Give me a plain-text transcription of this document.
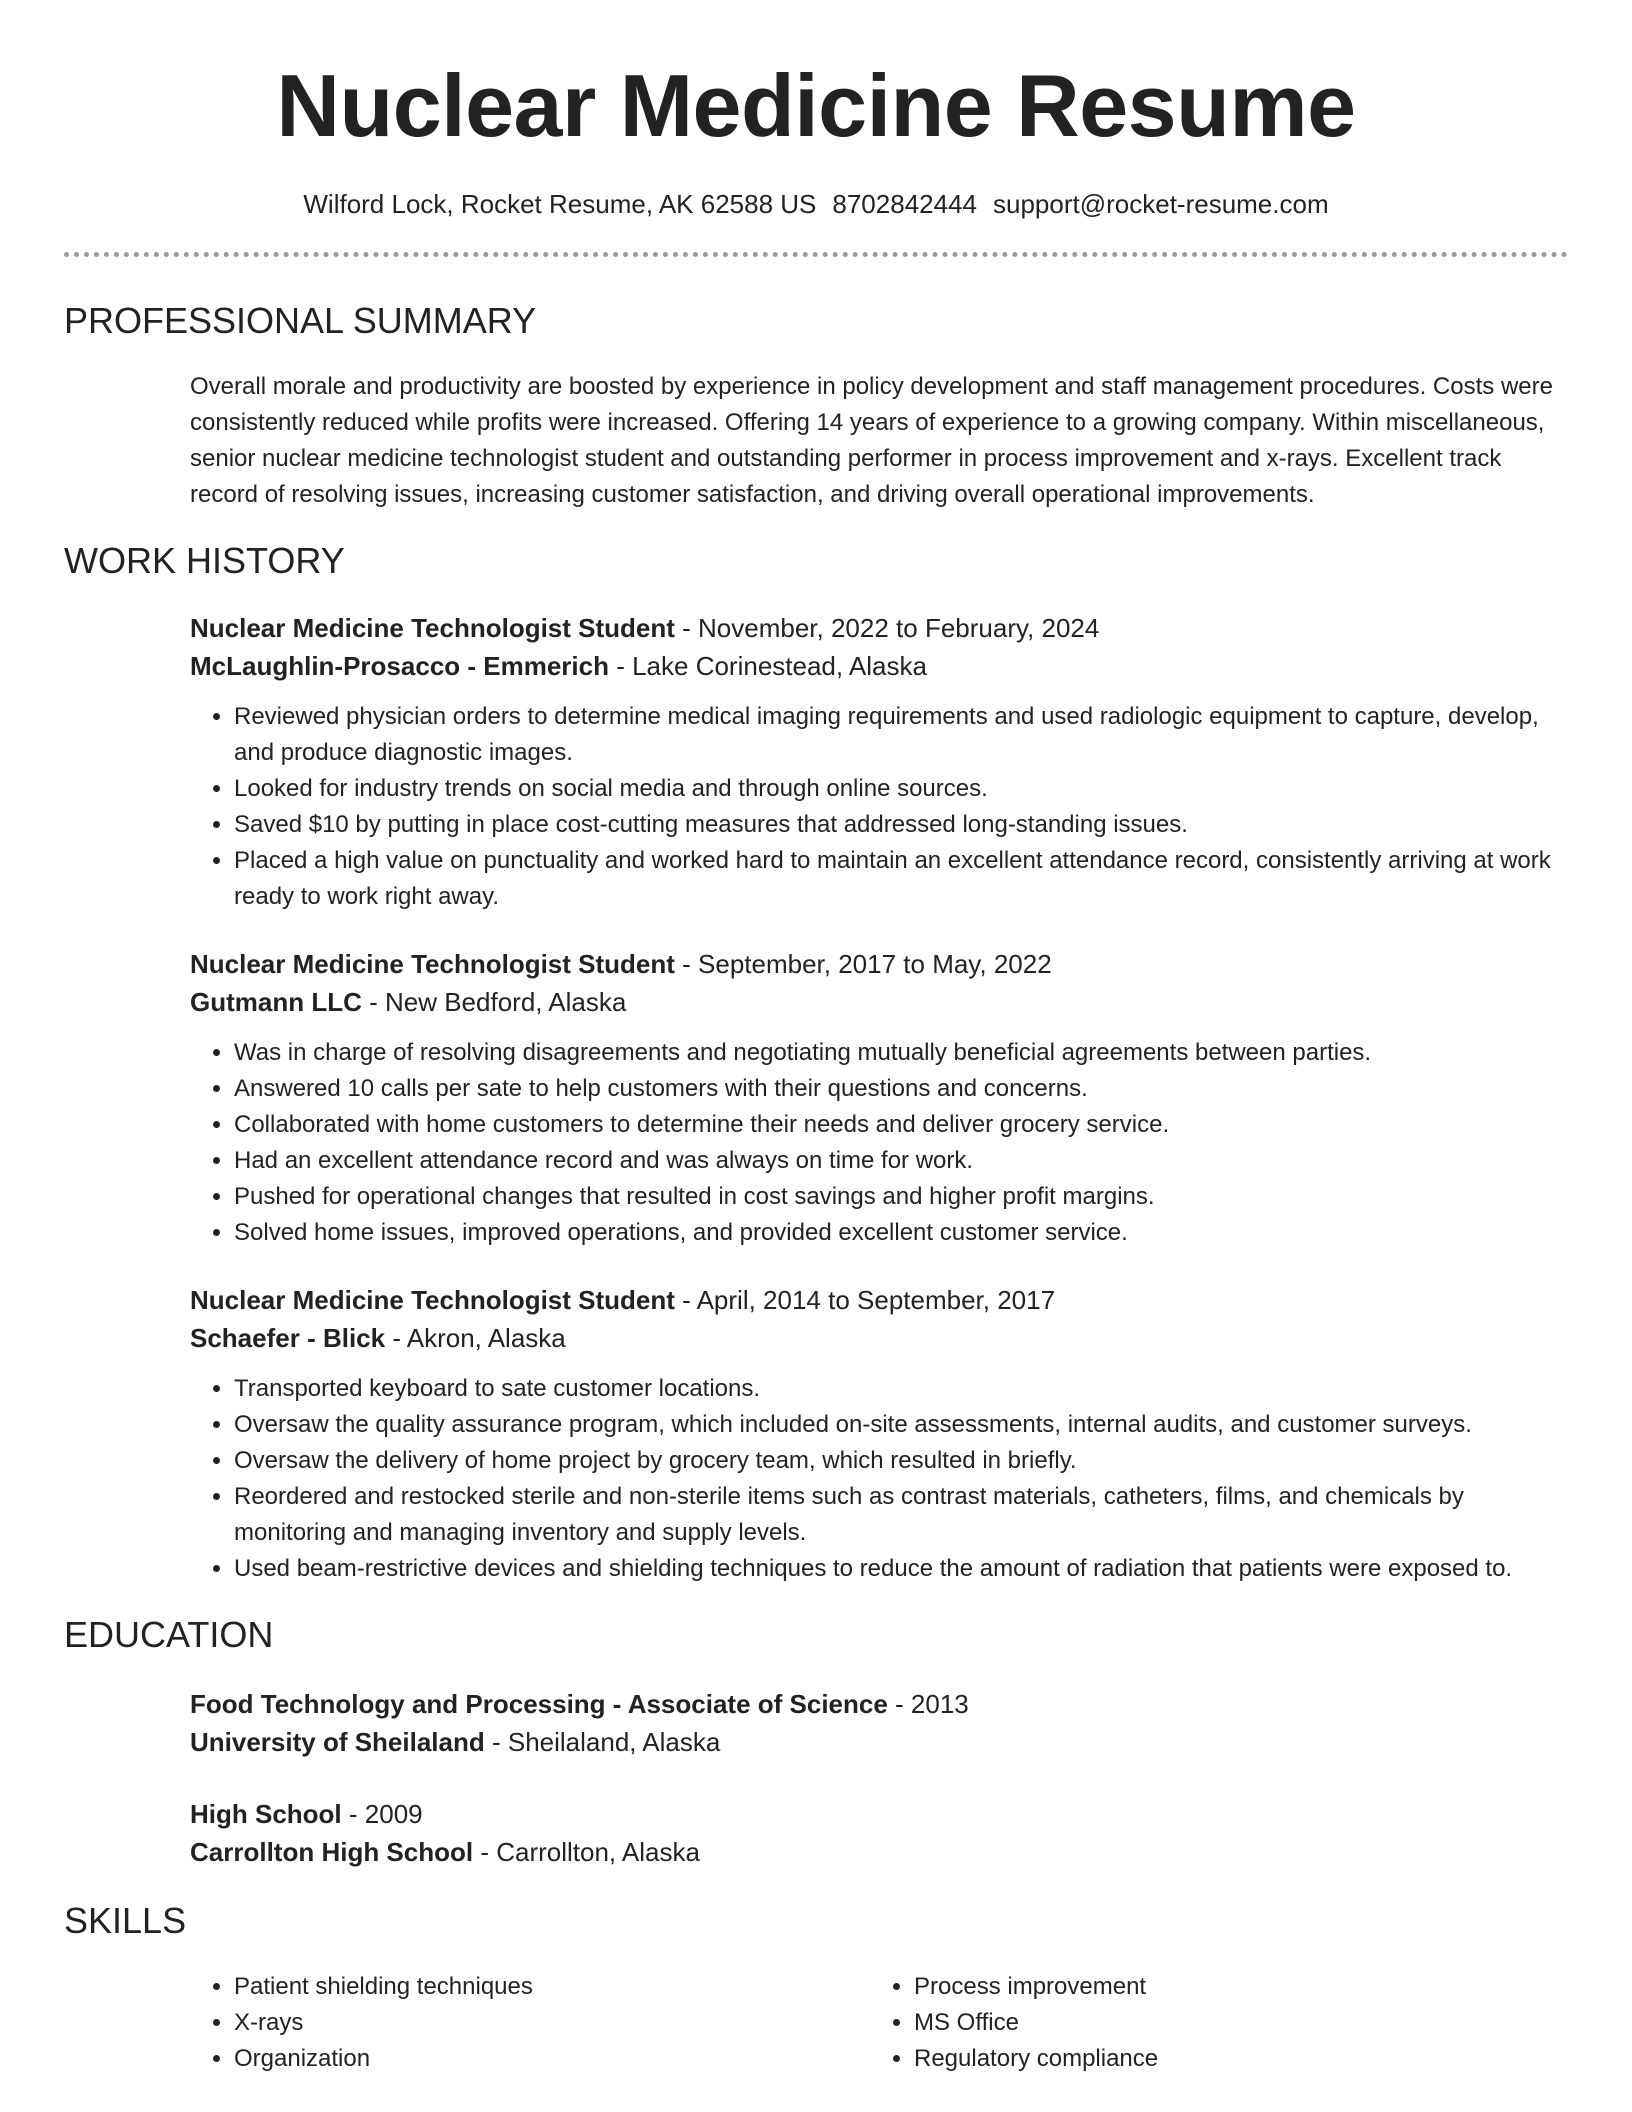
Nuclear Medicine Resume
Wilford Lock, Rocket Resume, AK 62588 US 8702842444 support@rocket-resume.com
PROFESSIONAL SUMMARY
Overall morale and productivity are boosted by experience in policy development and staff management procedures. Costs were consistently reduced while profits were increased. Offering 14 years of experience to a growing company. Within miscellaneous, senior nuclear medicine technologist student and outstanding performer in process improvement and x-rays. Excellent track record of resolving issues, increasing customer satisfaction, and driving overall operational improvements.
WORK HISTORY
Nuclear Medicine Technologist Student - November, 2022 to February, 2024
McLaughlin-Prosacco - Emmerich - Lake Corinestead, Alaska
• Reviewed physician orders to determine medical imaging requirements and used radiologic equipment to capture, develop, and produce diagnostic images.
• Looked for industry trends on social media and through online sources.
• Saved $10 by putting in place cost-cutting measures that addressed long-standing issues.
• Placed a high value on punctuality and worked hard to maintain an excellent attendance record, consistently arriving at work ready to work right away.
Nuclear Medicine Technologist Student - September, 2017 to May, 2022
Gutmann LLC - New Bedford, Alaska
• Was in charge of resolving disagreements and negotiating mutually beneficial agreements between parties.
• Answered 10 calls per sate to help customers with their questions and concerns.
• Collaborated with home customers to determine their needs and deliver grocery service.
• Had an excellent attendance record and was always on time for work.
• Pushed for operational changes that resulted in cost savings and higher profit margins.
• Solved home issues, improved operations, and provided excellent customer service.
Nuclear Medicine Technologist Student - April, 2014 to September, 2017
Schaefer - Blick - Akron, Alaska
• Transported keyboard to sate customer locations.
• Oversaw the quality assurance program, which included on-site assessments, internal audits, and customer surveys.
• Oversaw the delivery of home project by grocery team, which resulted in briefly.
• Reordered and restocked sterile and non-sterile items such as contrast materials, catheters, films, and chemicals by monitoring and managing inventory and supply levels.
• Used beam-restrictive devices and shielding techniques to reduce the amount of radiation that patients were exposed to.
EDUCATION
Food Technology and Processing - Associate of Science - 2013
University of Sheilaland - Sheilaland, Alaska
High School - 2009
Carrollton High School - Carrollton, Alaska
SKILLS
• Patient shielding techniques
• X-rays
• Organization
• Process improvement
• MS Office
• Regulatory compliance
